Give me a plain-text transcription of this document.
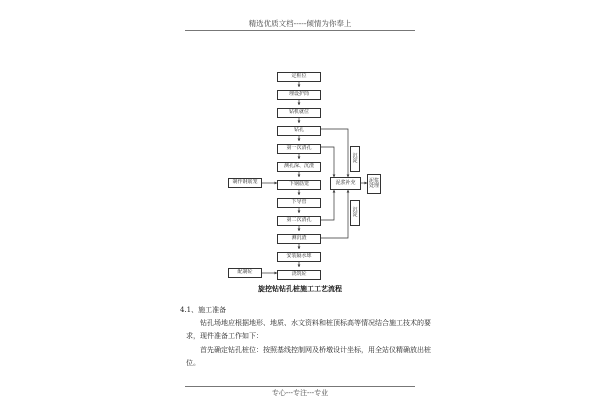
精选优质文档-----倾情为你奉上
定桩位
埋设护筒
钻机就位
钻孔
第一次清孔
测孔深、沉渣
下钢筋笼
下导管
第二次清孔
测沉渣
安装隔水球
浇筑砼
制作钢筋笼
配制砼
沉淀
泥浆补充
沉淀
泥浆处理
旋挖钻钻孔桩施工工艺流程
4.1、施工准备
钻孔场地应根据地形、地质、水文资料和桩顶标高等情况结合施工技术的要求，现件准备工作如下：
首先确定钻孔桩位：按照基线控制网及桥墩设计坐标，用全站仪精确放出桩位。
专心---专注---专业
